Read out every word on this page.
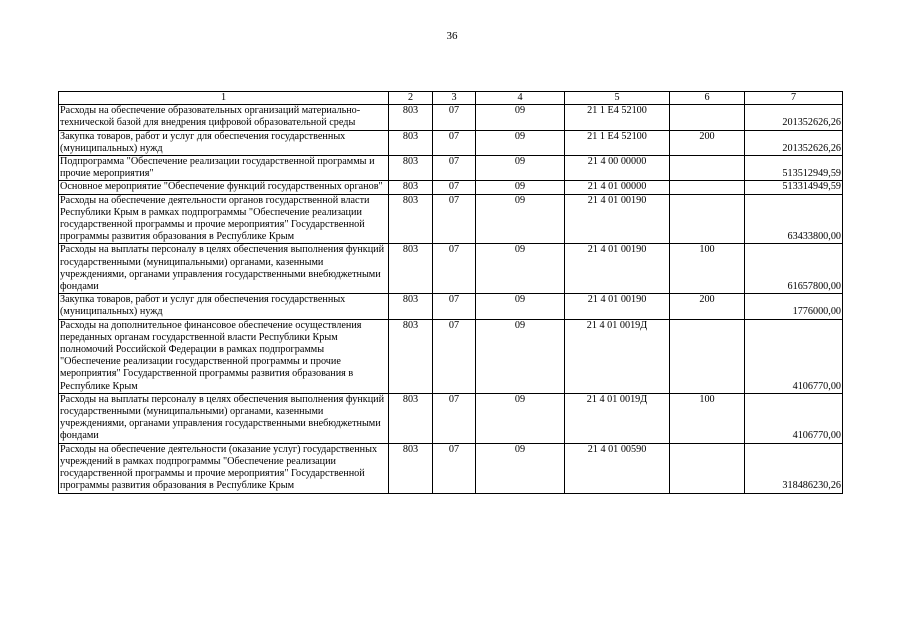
36
1	2	3	4	5	6	7
Расходы на обеспечение образовательных организаций материально-технической базой для внедрения цифровой образовательной среды	803	07	09	21 1 E4 52100		201352626,26
Закупка товаров, работ и услуг для обеспечения государственных (муниципальных) нужд	803	07	09	21 1 E4 52100	200	201352626,26
Подпрограмма "Обеспечение реализации государственной программы и прочие мероприятия"	803	07	09	21 4 00 00000		513512949,59
Основное мероприятие "Обеспечение функций государственных органов"	803	07	09	21 4 01 00000		513314949,59
Расходы на обеспечение деятельности органов государственной власти Республики Крым в рамках подпрограммы "Обеспечение реализации государственной программы и прочие мероприятия" Государственной программы развития образования в Республике Крым	803	07	09	21 4 01 00190		63433800,00
Расходы на выплаты персоналу в целях обеспечения выполнения функций государственными (муниципальными) органами, казенными учреждениями, органами управления государственными внебюджетными фондами	803	07	09	21 4 01 00190	100	61657800,00
Закупка товаров, работ и услуг для обеспечения государственных (муниципальных) нужд	803	07	09	21 4 01 00190	200	1776000,00
Расходы на дополнительное финансовое обеспечение осуществления переданных органам государственной власти Республики Крым полномочий Российской Федерации в рамках подпрограммы "Обеспечение реализации государственной программы и прочие мероприятия" Государственной программы развития образования в Республике Крым	803	07	09	21 4 01 0019Д		4106770,00
Расходы на выплаты персоналу в целях обеспечения выполнения функций государственными (муниципальными) органами, казенными учреждениями, органами управления государственными внебюджетными фондами	803	07	09	21 4 01 0019Д	100	4106770,00
Расходы на обеспечение деятельности (оказание услуг) государственных учреждений в рамках подпрограммы "Обеспечение реализации государственной программы и прочие мероприятия" Государственной программы развития образования в Республике Крым	803	07	09	21 4 01 00590		318486230,26
